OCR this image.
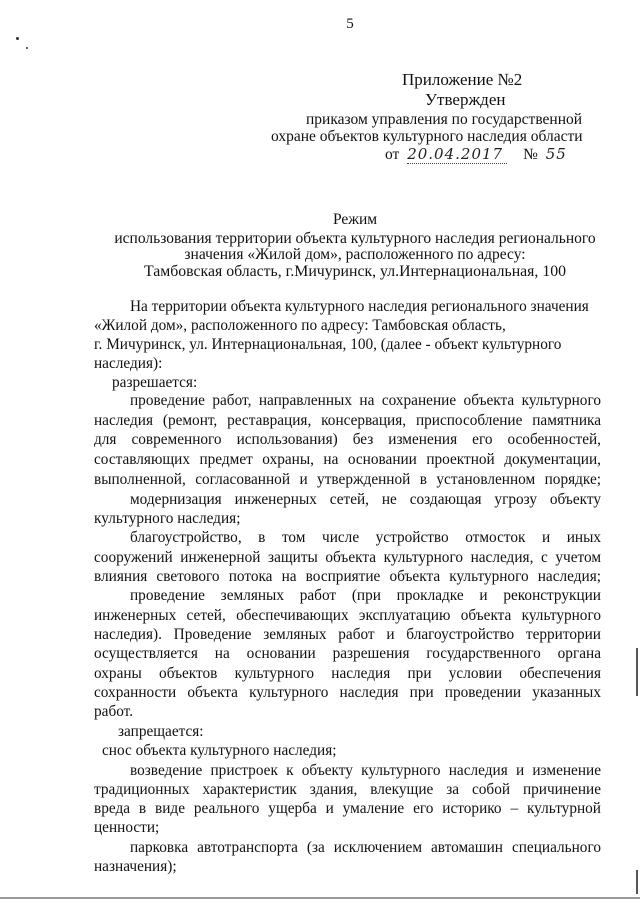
5
Приложение №2
Утвержден
приказом управления по государственной
охране объектов культурного наследия области
от 20.04.2017 № 55
Режим
использования территории объекта культурного наследия регионального
значения «Жилой дом», расположенного по адресу:
Тамбовская область, г.Мичуринск, ул.Интернациональная, 100
На территории объекта культурного наследия регионального значения
«Жилой дом», расположенного по адресу: Тамбовская область,
г. Мичуринск, ул. Интернациональная, 100, (далее - объект культурного
наследия):
разрешается:
проведение работ, направленных на сохранение объекта культурного
наследия (ремонт, реставрация, консервация, приспособление памятника
для современного использования) без изменения его особенностей,
составляющих предмет охраны, на основании проектной документации,
выполненной, согласованной и утвержденной в установленном порядке;
модернизация инженерных сетей, не создающая угрозу объекту
культурного наследия;
благоустройство, в том числе устройство отмосток и иных
сооружений инженерной защиты объекта культурного наследия, с учетом
влияния светового потока на восприятие объекта культурного наследия;
проведение земляных работ (при прокладке и реконструкции
инженерных сетей, обеспечивающих эксплуатацию объекта культурного
наследия). Проведение земляных работ и благоустройство территории
осуществляется на основании разрешения государственного органа
охраны объектов культурного наследия при условии обеспечения
сохранности объекта культурного наследия при проведении указанных
работ.
запрещается:
снос объекта культурного наследия;
возведение пристроек к объекту культурного наследия и изменение
традиционных характеристик здания, влекущие за собой причинение
вреда в виде реального ущерба и умаление его историко – культурной
ценности;
парковка автотранспорта (за исключением автомашин специального
назначения);
